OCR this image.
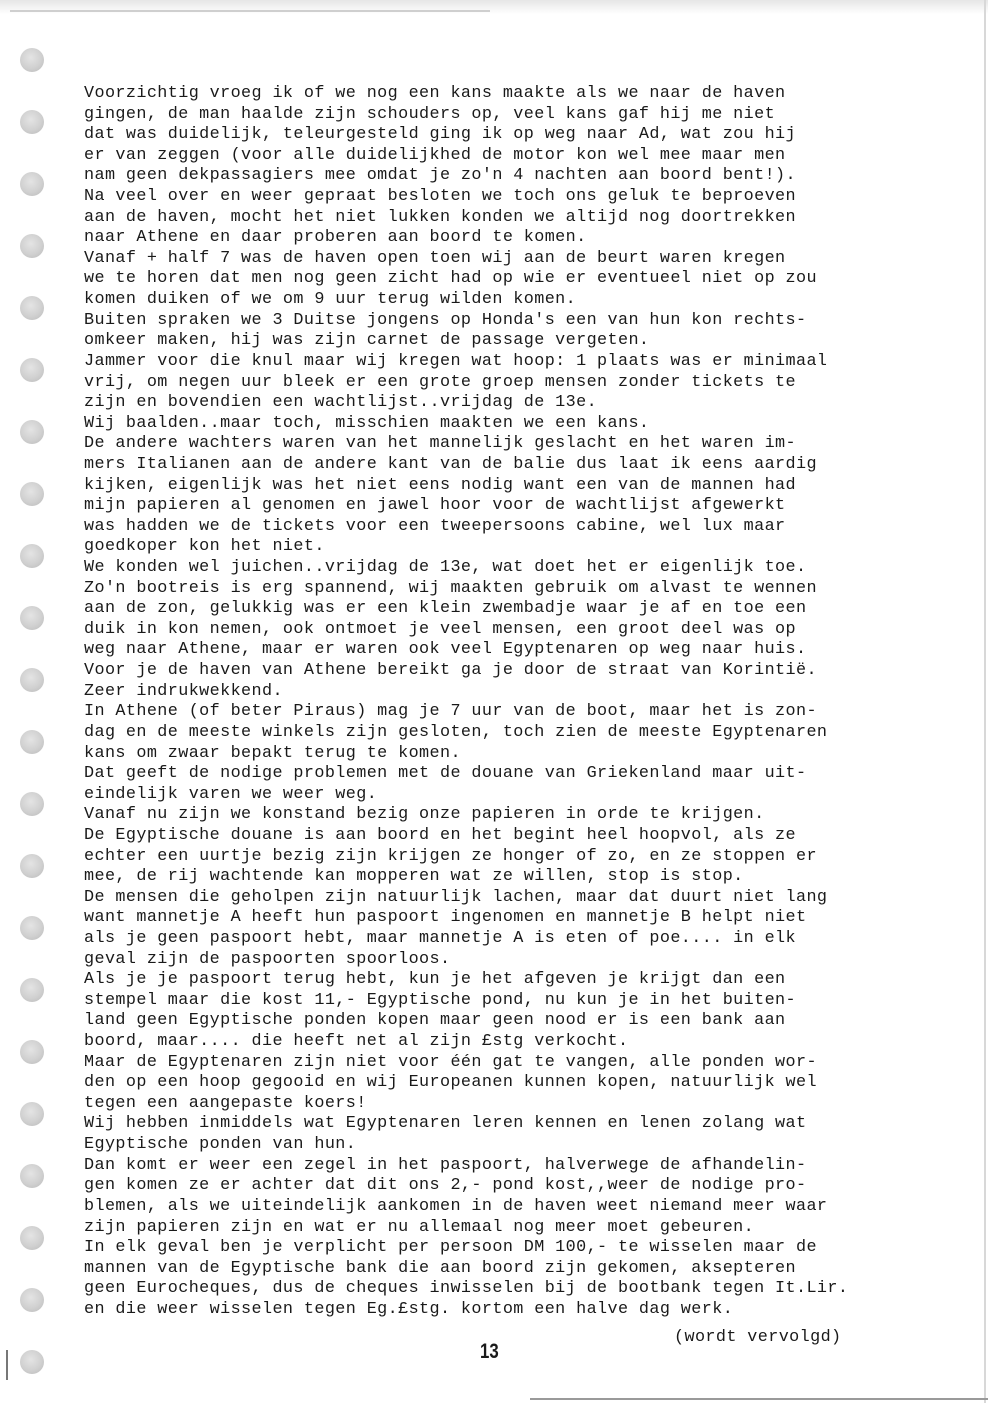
Voorzichtig vroeg ik of we nog een kans maakte als we naar de haven
gingen, de man haalde zijn schouders op, veel kans gaf hij me niet
dat was duidelijk, teleurgesteld ging ik op weg naar Ad, wat zou hij
er van zeggen (voor alle duidelijkhed de motor kon wel mee maar men
nam geen dekpassagiers mee omdat je zo'n 4 nachten aan boord bent!).
Na veel over en weer gepraat besloten we toch ons geluk te beproeven
aan de haven, mocht het niet lukken konden we altijd nog doortrekken
naar Athene en daar proberen aan boord te komen.
Vanaf + half 7 was de haven open toen wij aan de beurt waren kregen
we te horen dat men nog geen zicht had op wie er eventueel niet op zou
komen duiken of we om 9 uur terug wilden komen.
Buiten spraken we 3 Duitse jongens op Honda's een van hun kon rechts-
omkeer maken, hij was zijn carnet de passage vergeten.
Jammer voor die knul maar wij kregen wat hoop: 1 plaats was er minimaal
vrij, om negen uur bleek er een grote groep mensen zonder tickets te
zijn en bovendien een wachtlijst..vrijdag de 13e.
Wij baalden..maar toch, misschien maakten we een kans.
De andere wachters waren van het mannelijk geslacht en het waren im-
mers Italianen aan de andere kant van de balie dus laat ik eens aardig
kijken, eigenlijk was het niet eens nodig want een van de mannen had
mijn papieren al genomen en jawel hoor voor de wachtlijst afgewerkt
was hadden we de tickets voor een tweepersoons cabine, wel lux maar
goedkoper kon het niet.
We konden wel juichen..vrijdag de 13e, wat doet het er eigenlijk toe.
Zo'n bootreis is erg spannend, wij maakten gebruik om alvast te wennen
aan de zon, gelukkig was er een klein zwembadje waar je af en toe een
duik in kon nemen, ook ontmoet je veel mensen, een groot deel was op
weg naar Athene, maar er waren ook veel Egyptenaren op weg naar huis.
Voor je de haven van Athene bereikt ga je door de straat van Korintië.
Zeer indrukwekkend.
In Athene (of beter Piraus) mag je 7 uur van de boot, maar het is zon-
dag en de meeste winkels zijn gesloten, toch zien de meeste Egyptenaren
kans om zwaar bepakt terug te komen.
Dat geeft de nodige problemen met de douane van Griekenland maar uit-
eindelijk varen we weer weg.
Vanaf nu zijn we konstand bezig onze papieren in orde te krijgen.
De Egyptische douane is aan boord en het begint heel hoopvol, als ze
echter een uurtje bezig zijn krijgen ze honger of zo, en ze stoppen er
mee, de rij wachtende kan mopperen wat ze willen, stop is stop.
De mensen die geholpen zijn natuurlijk lachen, maar dat duurt niet lang
want mannetje A heeft hun paspoort ingenomen en mannetje B helpt niet
als je geen paspoort hebt, maar mannetje A is eten of poe.... in elk
geval zijn de paspoorten spoorloos.
Als je je paspoort terug hebt, kun je het afgeven je krijgt dan een
stempel maar die kost 11,- Egyptische pond, nu kun je in het buiten-
land geen Egyptische ponden kopen maar geen nood er is een bank aan
boord, maar.... die heeft net al zijn £stg verkocht.
Maar de Egyptenaren zijn niet voor één gat te vangen, alle ponden wor-
den op een hoop gegooid en wij Europeanen kunnen kopen, natuurlijk wel
tegen een aangepaste koers!
Wij hebben inmiddels wat Egyptenaren leren kennen en lenen zolang wat
Egyptische ponden van hun.
Dan komt er weer een zegel in het paspoort, halverwege de afhandelin-
gen komen ze er achter dat dit ons 2,- pond kost,,weer de nodige pro-
blemen, als we uiteindelijk aankomen in de haven weet niemand meer waar
zijn papieren zijn en wat er nu allemaal nog meer moet gebeuren.
In elk geval ben je verplicht per persoon DM 100,- te wisselen maar de
mannen van de Egyptische bank die aan boord zijn gekomen, aksepteren
geen Eurocheques, dus de cheques inwisselen bij de bootbank tegen It.Lir.
en die weer wisselen tegen Eg.£stg. kortom een halve dag werk.
(wordt vervolgd)
13
